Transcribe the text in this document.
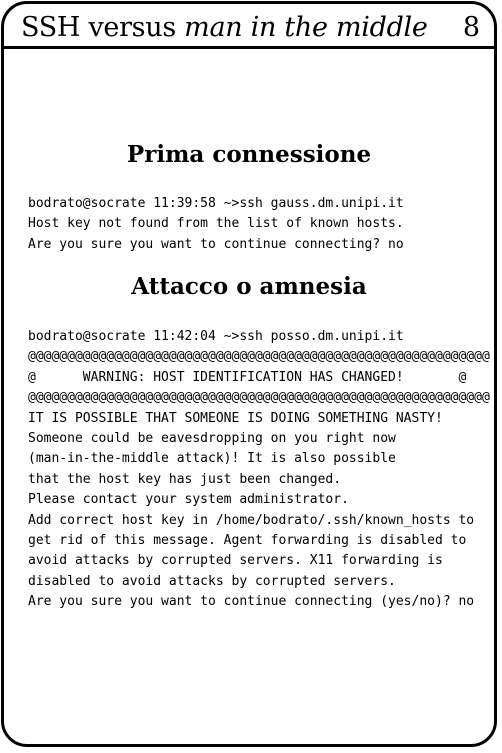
SSH versus man in the middle 8
Prima connessione
bodrato@socrate 11:39:58 ~>ssh gauss.dm.unipi.it
Host key not found from the list of known hosts.
Are you sure you want to continue connecting? no
Attacco o amnesia
bodrato@socrate 11:42:04 ~>ssh posso.dm.unipi.it
@@@@@@@@@@@@@@@@@@@@@@@@@@@@@@@@@@@@@@@@@@@@@@@@@@@@@@@@@@@
@      WARNING: HOST IDENTIFICATION HAS CHANGED!       @
@@@@@@@@@@@@@@@@@@@@@@@@@@@@@@@@@@@@@@@@@@@@@@@@@@@@@@@@@@@
IT IS POSSIBLE THAT SOMEONE IS DOING SOMETHING NASTY!
Someone could be eavesdropping on you right now
(man-in-the-middle attack)! It is also possible
that the host key has just been changed.
Please contact your system administrator.
Add correct host key in /home/bodrato/.ssh/known_hosts to
get rid of this message. Agent forwarding is disabled to
avoid attacks by corrupted servers. X11 forwarding is
disabled to avoid attacks by corrupted servers.
Are you sure you want to continue connecting (yes/no)? no
